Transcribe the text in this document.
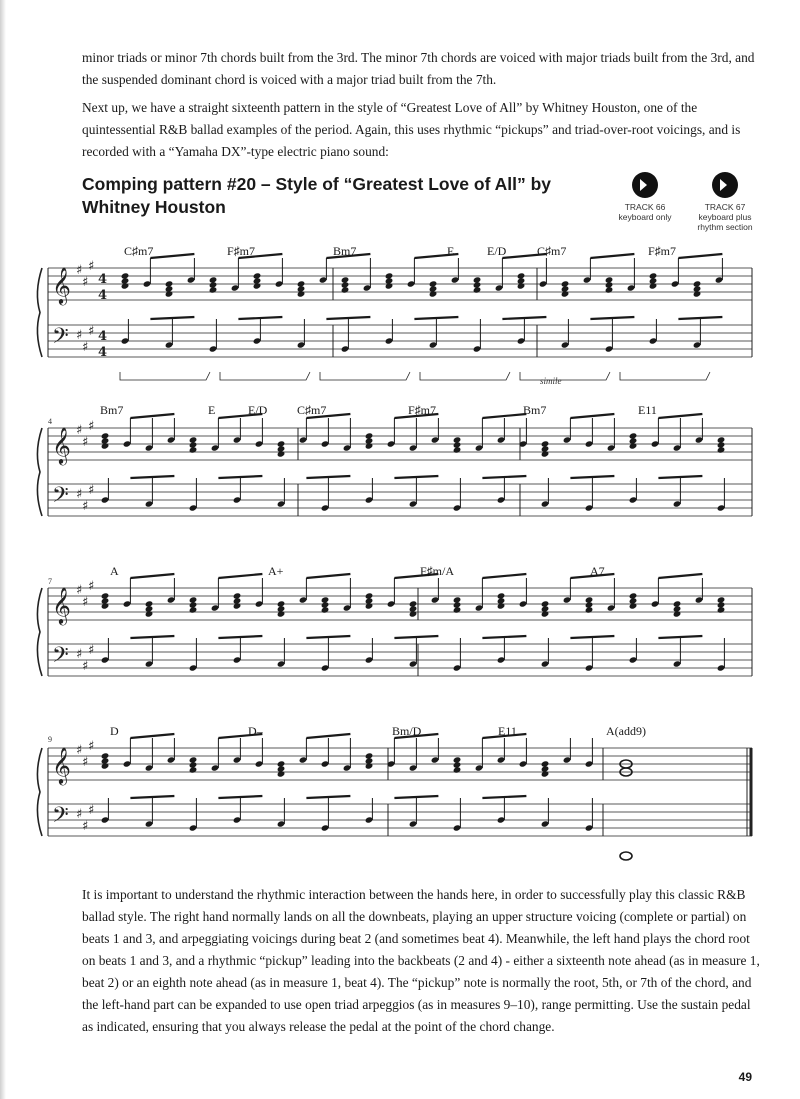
minor triads or minor 7th chords built from the 3rd. The minor 7th chords are voiced with major triads built from the 3rd, and the suspended dominant chord is voiced with a major triad built from the 7th.

Next up, we have a straight sixteenth pattern in the style of “Greatest Love of All” by Whitney Houston, one of the quintessential R&B ballad examples of the period. Again, this uses rhythmic “pickups” and triad-over-root voicings, and is recorded with a “Yamaha DX”-type electric piano sound:

Comping pattern #20 – Style of “Greatest Love of All” by Whitney Houston	TRACK 66
keyboard only
TRACK 67
keyboard plus rhythm section
𝄞
𝄢
♯
♯
♯
♯
♯
♯
4
4
4
4
𝄞
𝄢
♯
♯
♯
♯
♯
♯
𝄞
𝄢
♯
♯
♯
♯
♯
♯
𝄞
𝄢
♯
♯
♯
♯
♯
♯
C♯m7	F♯m7	Bm7	E	E/D	C♯m7	F♯m7
simile
4
Bm7	E	E/D C♯m7	F♯m7	Bm7	E11
7
A	A+	F♯m/A	A7
9
D	D–	Bm/D	E11	A(add9)

It is important to understand the rhythmic interaction between the hands here, in order to successfully play this classic R&B ballad style. The right hand normally lands on all the downbeats, playing an upper structure voicing (complete or partial) on beats 1 and 3, and arpeggiating voicings during beat 2 (and sometimes beat 4). Meanwhile, the left hand plays the chord root on beats 1 and 3, and a rhythmic “pickup” leading into the backbeats (2 and 4) - either a sixteenth note ahead (as in measure 1, beat 2) or an eighth note ahead (as in measure 1, beat 4). The “pickup” note is normally the root, 5th, or 7th of the chord, and the left-hand part can be expanded to use open triad arpeggios (as in measures 9–10), range permitting. Use the sustain pedal as indicated, ensuring that you always release the pedal at the point of the chord change.

49
